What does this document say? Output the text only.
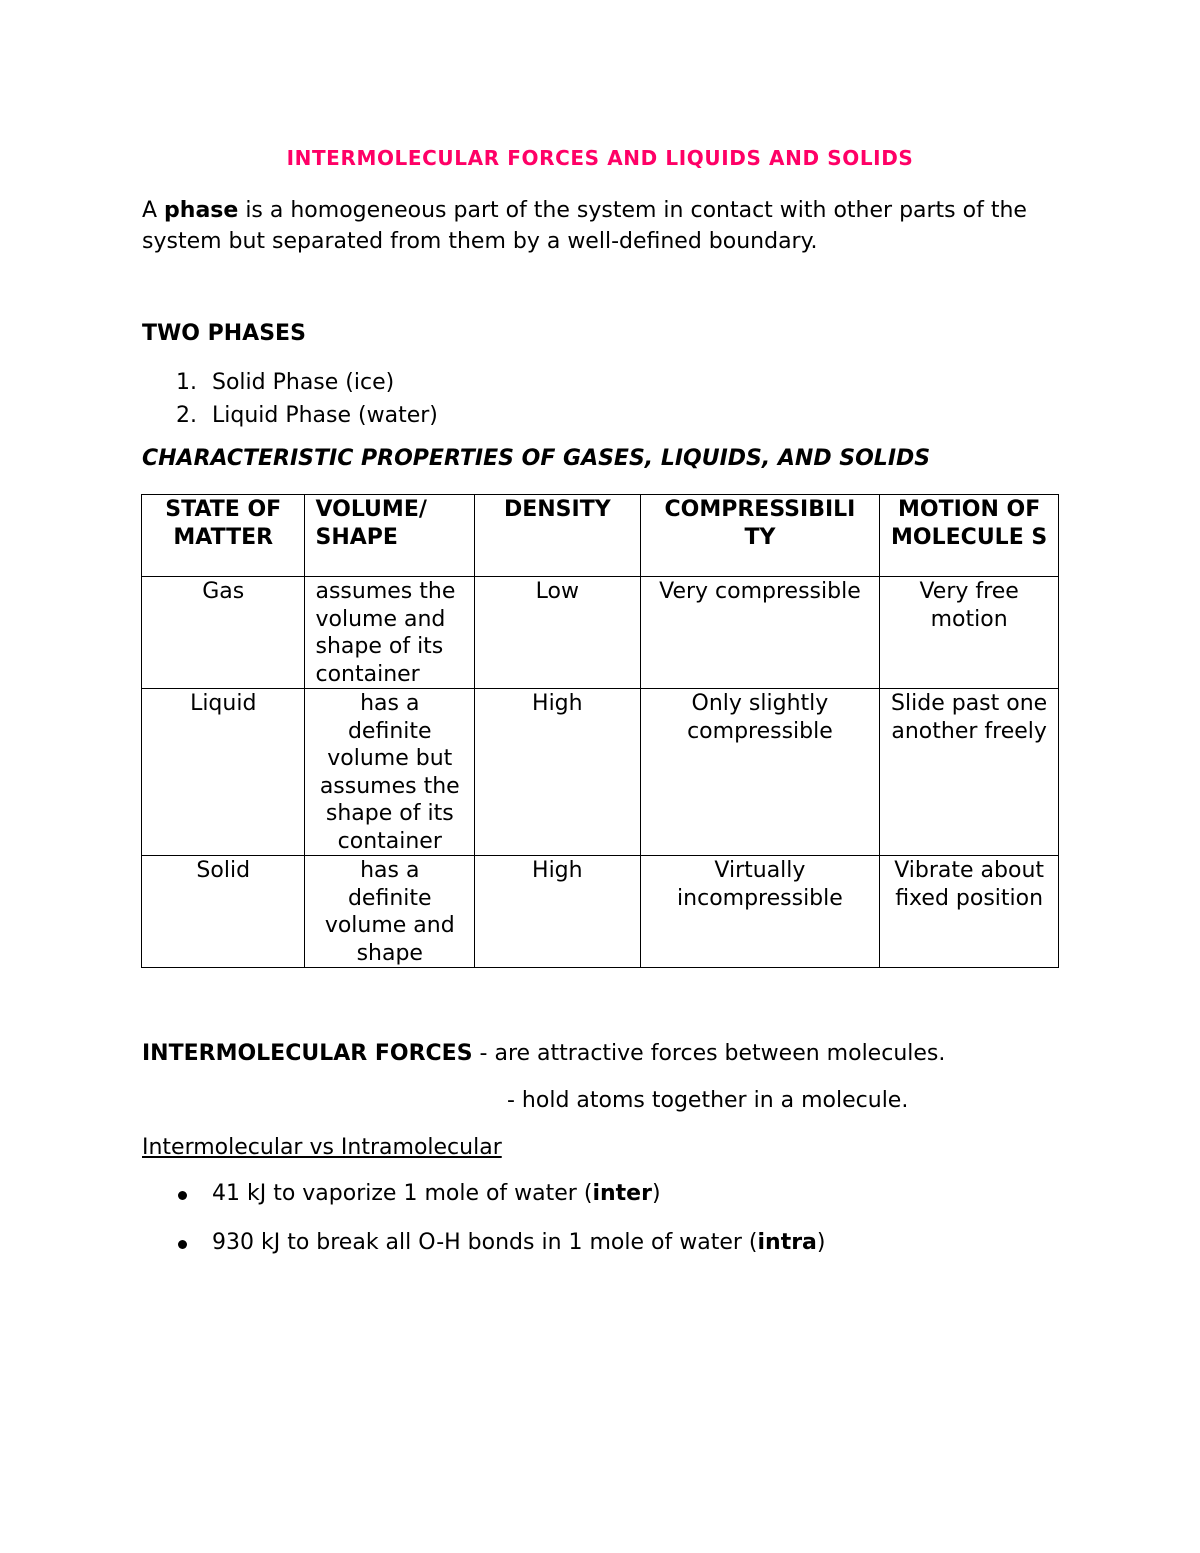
INTERMOLECULAR FORCES AND LIQUIDS AND SOLIDS

A phase is a homogeneous part of the system in contact with other parts of the system but separated from them by a well-defined boundary.

TWO PHASES

1. Solid Phase (ice)
2. Liquid Phase (water)

CHARACTERISTIC PROPERTIES OF GASES, LIQUIDS, AND SOLIDS

STATE OF MATTER	VOLUME/ SHAPE	DENSITY	COMPRESSIBILI TY	MOTION OF MOLECULE S
Gas	assumes the volume and shape of its container	Low	Very compressible	Very free motion
Liquid	has a definite volume but assumes the shape of its container	High	Only slightly compressible	Slide past one another freely
Solid	has a definite volume and shape	High	Virtually incompressible	Vibrate about fixed position

INTERMOLECULAR FORCES - are attractive forces between molecules.

- hold atoms together in a molecule.

Intermolecular vs Intramolecular

41 kJ to vaporize 1 mole of water (inter)
930 kJ to break all O-H bonds in 1 mole of water (intra)
